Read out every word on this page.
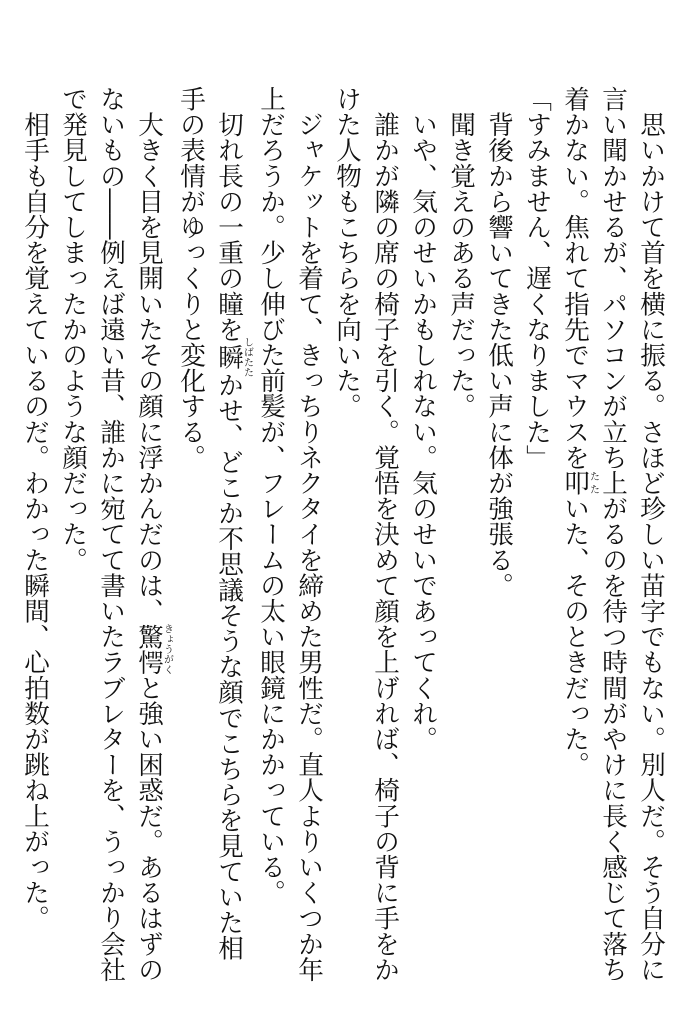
　思いかけて首を横に振る。さほど珍しい苗字でもない。別人だ。そう自分に言い聞かせるが、パソコンが立ち上がるのを待つ時間がやけに長く感じて落ち着かない。焦れて指先でマウスを叩たたいた、そのときだった。

「すみません、遅くなりました」

　背後から響いてきた低い声に体が強張る。

　聞き覚えのある声だった。

　いや、気のせいかもしれない。気のせいであってくれ。

　誰かが隣の席の椅子を引く。覚悟を決めて顔を上げれば、椅子の背に手をかけた人物もこちらを向いた。

　ジャケットを着て、きっちりネクタイを締めた男性だ。直人よりいくつか年上だろうか。少し伸びた前髪が、フレームの太い眼鏡にかかっている。

　切れ長の一重の瞳を瞬しばたたかせ、どこか不思議そうな顔でこちらを見ていた相手の表情がゆっくりと変化する。

　大きく目を見開いたその顔に浮かんだのは、驚愕きょうがくと強い困惑だ。あるはずのないもの――例えば遠い昔、誰かに宛てて書いたラブレターを、うっかり会社で発見してしまったかのような顔だった。

　相手も自分を覚えているのだ。わかった瞬間、心拍数が跳ね上がった。
